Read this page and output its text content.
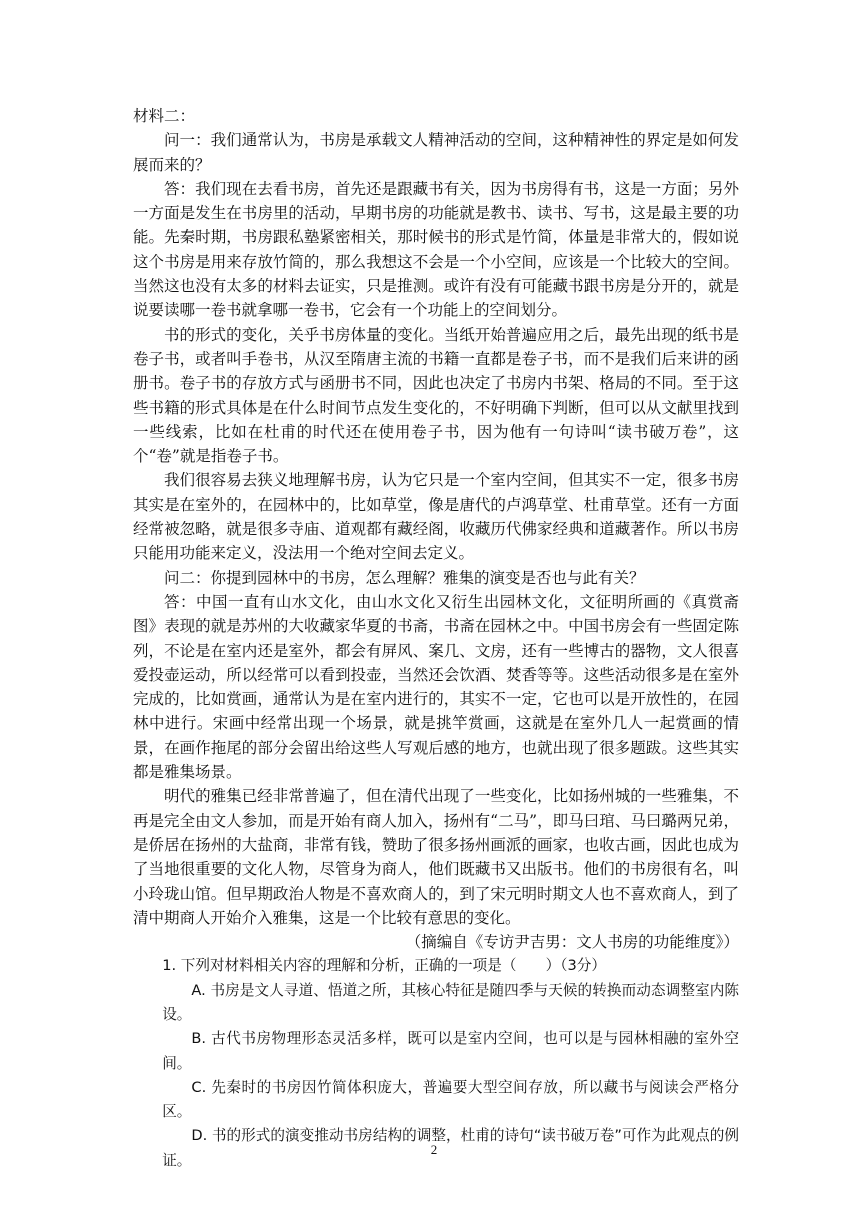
材料二：

问一：我们通常认为，书房是承载文人精神活动的空间，这种精神性的界定是如何发展而来的？

答：我们现在去看书房，首先还是跟藏书有关，因为书房得有书，这是一方面；另外一方面是发生在书房里的活动，早期书房的功能就是教书、读书、写书，这是最主要的功能。先秦时期，书房跟私塾紧密相关，那时候书的形式是竹简，体量是非常大的，假如说这个书房是用来存放竹简的，那么我想这不会是一个小空间，应该是一个比较大的空间。当然这也没有太多的材料去证实，只是推测。或许有没有可能藏书跟书房是分开的，就是说要读哪一卷书就拿哪一卷书，它会有一个功能上的空间划分。

书的形式的变化，关乎书房体量的变化。当纸开始普遍应用之后，最先出现的纸书是卷子书，或者叫手卷书，从汉至隋唐主流的书籍一直都是卷子书，而不是我们后来讲的函册书。卷子书的存放方式与函册书不同，因此也决定了书房内书架、格局的不同。至于这些书籍的形式具体是在什么时间节点发生变化的，不好明确下判断，但可以从文献里找到一些线索，比如在杜甫的时代还在使用卷子书，因为他有一句诗叫“读书破万卷”，这个“卷”就是指卷子书。

我们很容易去狭义地理解书房，认为它只是一个室内空间，但其实不一定，很多书房其实是在室外的，在园林中的，比如草堂，像是唐代的卢鸿草堂、杜甫草堂。还有一方面经常被忽略，就是很多寺庙、道观都有藏经阁，收藏历代佛家经典和道藏著作。所以书房只能用功能来定义，没法用一个绝对空间去定义。

问二：你提到园林中的书房，怎么理解？雅集的演变是否也与此有关？

答：中国一直有山水文化，由山水文化又衍生出园林文化，文征明所画的《真赏斋图》表现的就是苏州的大收藏家华夏的书斋，书斋在园林之中。中国书房会有一些固定陈列，不论是在室内还是室外，都会有屏风、案几、文房，还有一些博古的器物，文人很喜爱投壶运动，所以经常可以看到投壶，当然还会饮酒、焚香等等。这些活动很多是在室外完成的，比如赏画，通常认为是在室内进行的，其实不一定，它也可以是开放性的，在园林中进行。宋画中经常出现一个场景，就是挑竿赏画，这就是在室外几人一起赏画的情景，在画作拖尾的部分会留出给这些人写观后感的地方，也就出现了很多题跋。这些其实都是雅集场景。

明代的雅集已经非常普遍了，但在清代出现了一些变化，比如扬州城的一些雅集，不再是完全由文人参加，而是开始有商人加入，扬州有“二马”，即马曰琯、马曰璐两兄弟，是侨居在扬州的大盐商，非常有钱，赞助了很多扬州画派的画家，也收古画，因此也成为了当地很重要的文化人物，尽管身为商人，他们既藏书又出版书。他们的书房很有名，叫小玲珑山馆。但早期政治人物是不喜欢商人的，到了宋元明时期文人也不喜欢商人，到了清中期商人开始介入雅集，这是一个比较有意思的变化。

（摘编自《专访尹吉男：文人书房的功能维度》）

1. 下列对材料相关内容的理解和分析，正确的一项是（　　）（3分）

A. 书房是文人寻道、悟道之所，其核心特征是随四季与天候的转换而动态调整室内陈设。

B. 古代书房物理形态灵活多样，既可以是室内空间，也可以是与园林相融的室外空间。

C. 先秦时的书房因竹简体积庞大，普遍要大型空间存放，所以藏书与阅读会严格分区。

D. 书的形式的演变推动书房结构的调整，杜甫的诗句“读书破万卷”可作为此观点的例证。

2
